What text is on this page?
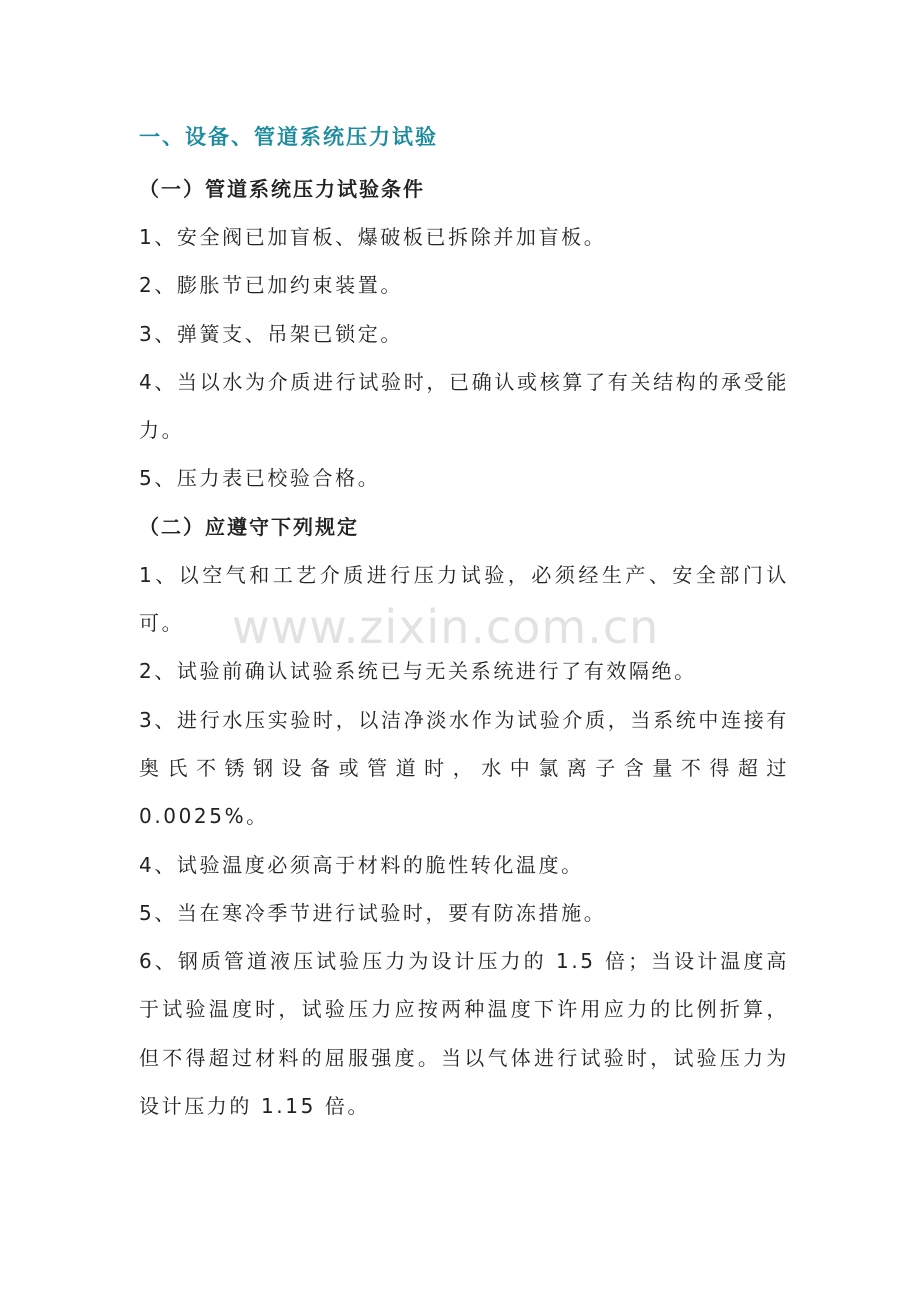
www.zixin.com.cn
一、设备、管道系统压力试验
（一）管道系统压力试验条件

1、安全阀已加盲板、爆破板已拆除并加盲板。

2、膨胀节已加约束装置。

3、弹簧支、吊架已锁定。

4、当以水为介质进行试验时，已确认或核算了有关结构的承受能力。

5、压力表已校验合格。

（二）应遵守下列规定

1、以空气和工艺介质进行压力试验，必须经生产、安全部门认可。

2、试验前确认试验系统已与无关系统进行了有效隔绝。

3、进行水压实验时，以洁净淡水作为试验介质，当系统中连接有奥氏不锈钢设备或管道时，水中氯离子含量不得超过 0.0025%。

4、试验温度必须高于材料的脆性转化温度。

5、当在寒冷季节进行试验时，要有防冻措施。

6、钢质管道液压试验压力为设计压力的 1.5 倍；当设计温度高于试验温度时，试验压力应按两种温度下许用应力的比例折算，但不得超过材料的屈服强度。当以气体进行试验时，试验压力为设计压力的 1.15 倍。
